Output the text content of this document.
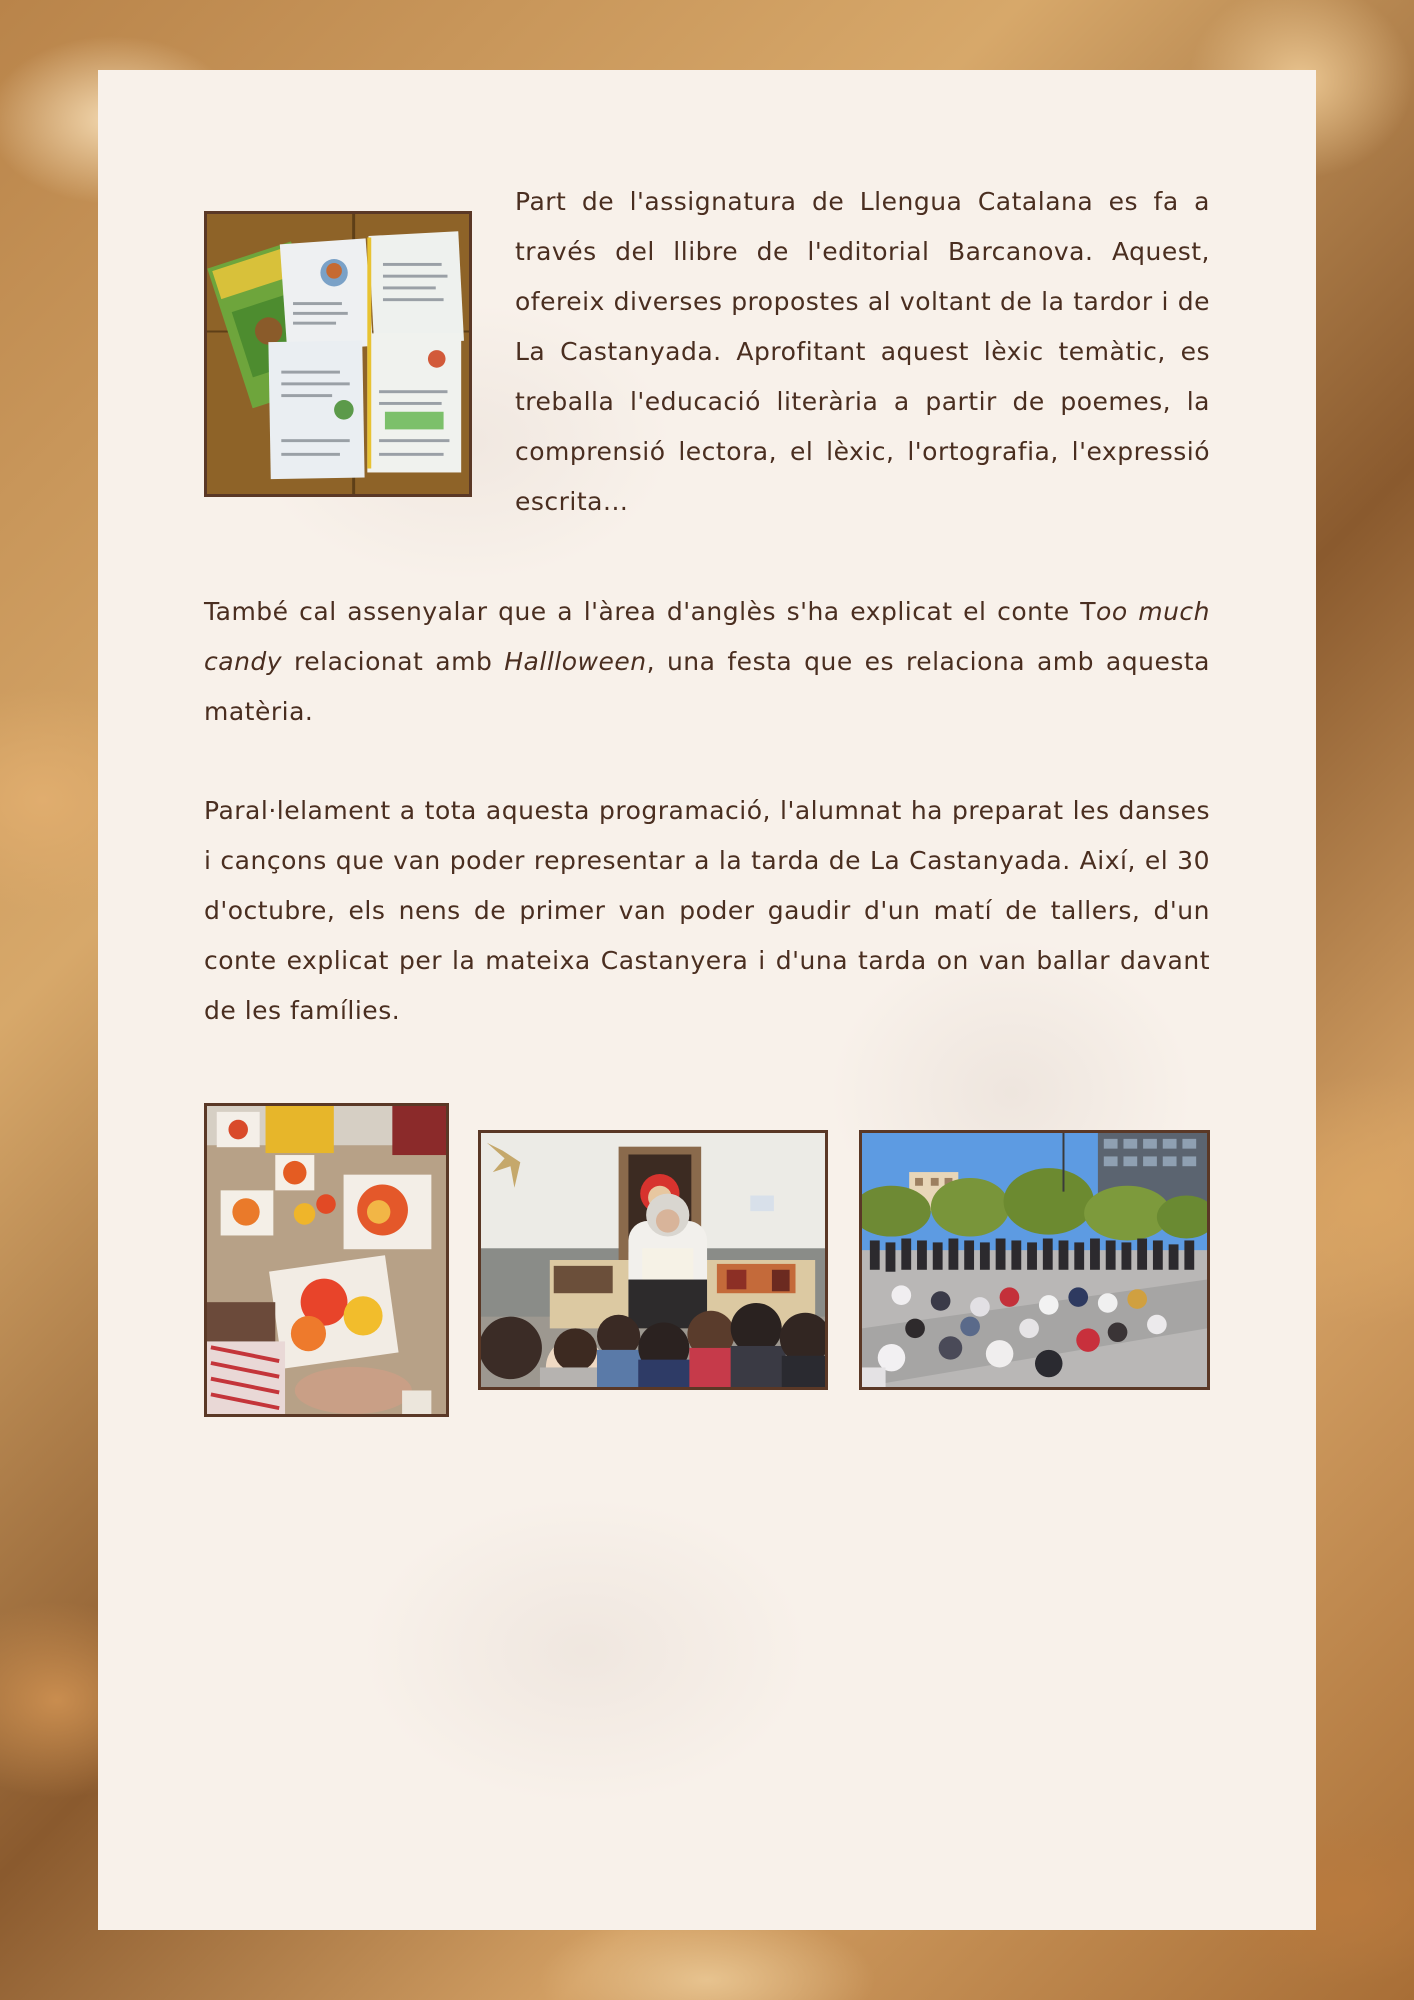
Part de l'assignatura de Llengua Catalana es fa a través del llibre de l'editorial Barcanova. Aquest, ofereix diverses propostes al voltant de la tardor i de La Castanyada. Aprofitant aquest lèxic temàtic, es treballa l'educació literària a partir de poemes, la comprensió lectora, el lèxic, l'ortografia, l'expressió escrita...

També cal assenyalar que a l'àrea d'anglès s'ha explicat el conte Too much candy relacionat amb Hallloween, una festa que es relaciona amb aquesta matèria.

Paral·lelament a tota aquesta programació, l'alumnat ha preparat les danses i cançons que van poder representar a la tarda de La Castanyada. Així, el 30 d'octubre, els nens de primer van poder gaudir d'un matí de tallers, d'un conte explicat per la mateixa Castanyera i d'una tarda on van ballar davant de les famílies.
